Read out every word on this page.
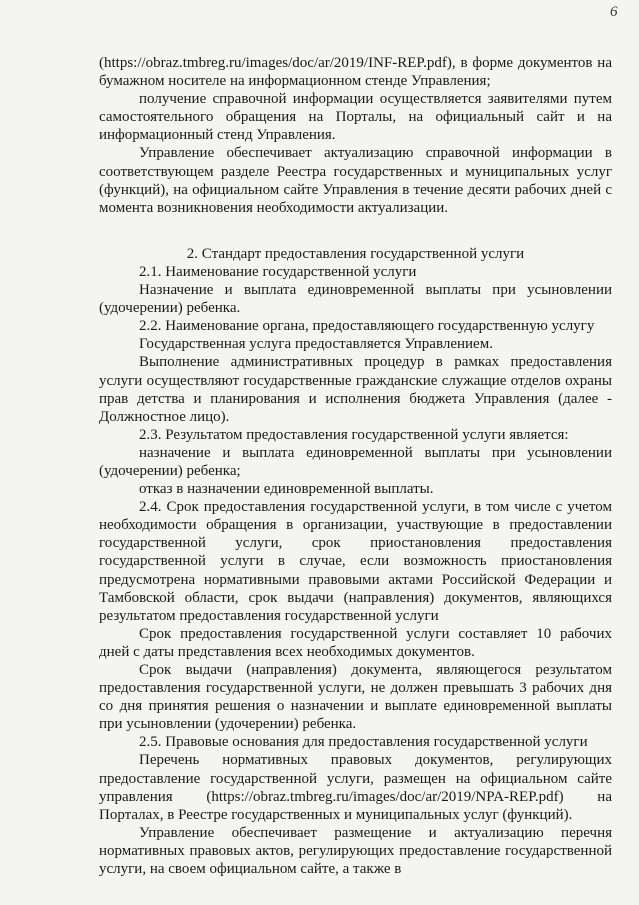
6

(https://obraz.tmbreg.ru/images/doc/ar/2019/INF-REP.pdf), в форме документов на бумажном носителе на информационном стенде Управления;

получение справочной информации осуществляется заявителями путем самостоятельного обращения на Порталы, на официальный сайт и на информационный стенд Управления.

Управление обеспечивает актуализацию справочной информации в соответствующем разделе Реестра государственных и муниципальных услуг (функций), на официальном сайте Управления в течение десяти рабочих дней с момента возникновения необходимости актуализации.

2. Стандарт предоставления государственной услуги

2.1. Наименование государственной услуги

Назначение и выплата единовременной выплаты при усыновлении (удочерении) ребенка.

2.2. Наименование органа, предоставляющего государственную услугу

Государственная услуга предоставляется Управлением.

Выполнение административных процедур в рамках предоставления услуги осуществляют государственные гражданские служащие отделов охраны прав детства и планирования и исполнения бюджета Управления (далее - Должностное лицо).

2.3. Результатом предоставления государственной услуги является:

назначение и выплата единовременной выплаты при усыновлении (удочерении) ребенка;

отказ в назначении единовременной выплаты.

2.4. Срок предоставления государственной услуги, в том числе с учетом необходимости обращения в организации, участвующие в предоставлении государственной услуги, срок приостановления предоставления государственной услуги в случае, если возможность приостановления предусмотрена нормативными правовыми актами Российской Федерации и Тамбовской области, срок выдачи (направления) документов, являющихся результатом предоставления государственной услуги

Срок предоставления государственной услуги составляет 10 рабочих дней с даты представления всех необходимых документов.

Срок выдачи (направления) документа, являющегося результатом предоставления государственной услуги, не должен превышать 3 рабочих дня со дня принятия решения о назначении и выплате единовременной выплаты при усыновлении (удочерении) ребенка.

2.5. Правовые основания для предоставления государственной услуги

Перечень нормативных правовых документов, регулирующих предоставление государственной услуги, размещен на официальном сайте управления (https://obraz.tmbreg.ru/images/doc/ar/2019/NPA-REP.pdf) на Порталах, в Реестре государственных и муниципальных услуг (функций).

Управление обеспечивает размещение и актуализацию перечня нормативных правовых актов, регулирующих предоставление государственной услуги, на своем официальном сайте, а также в
